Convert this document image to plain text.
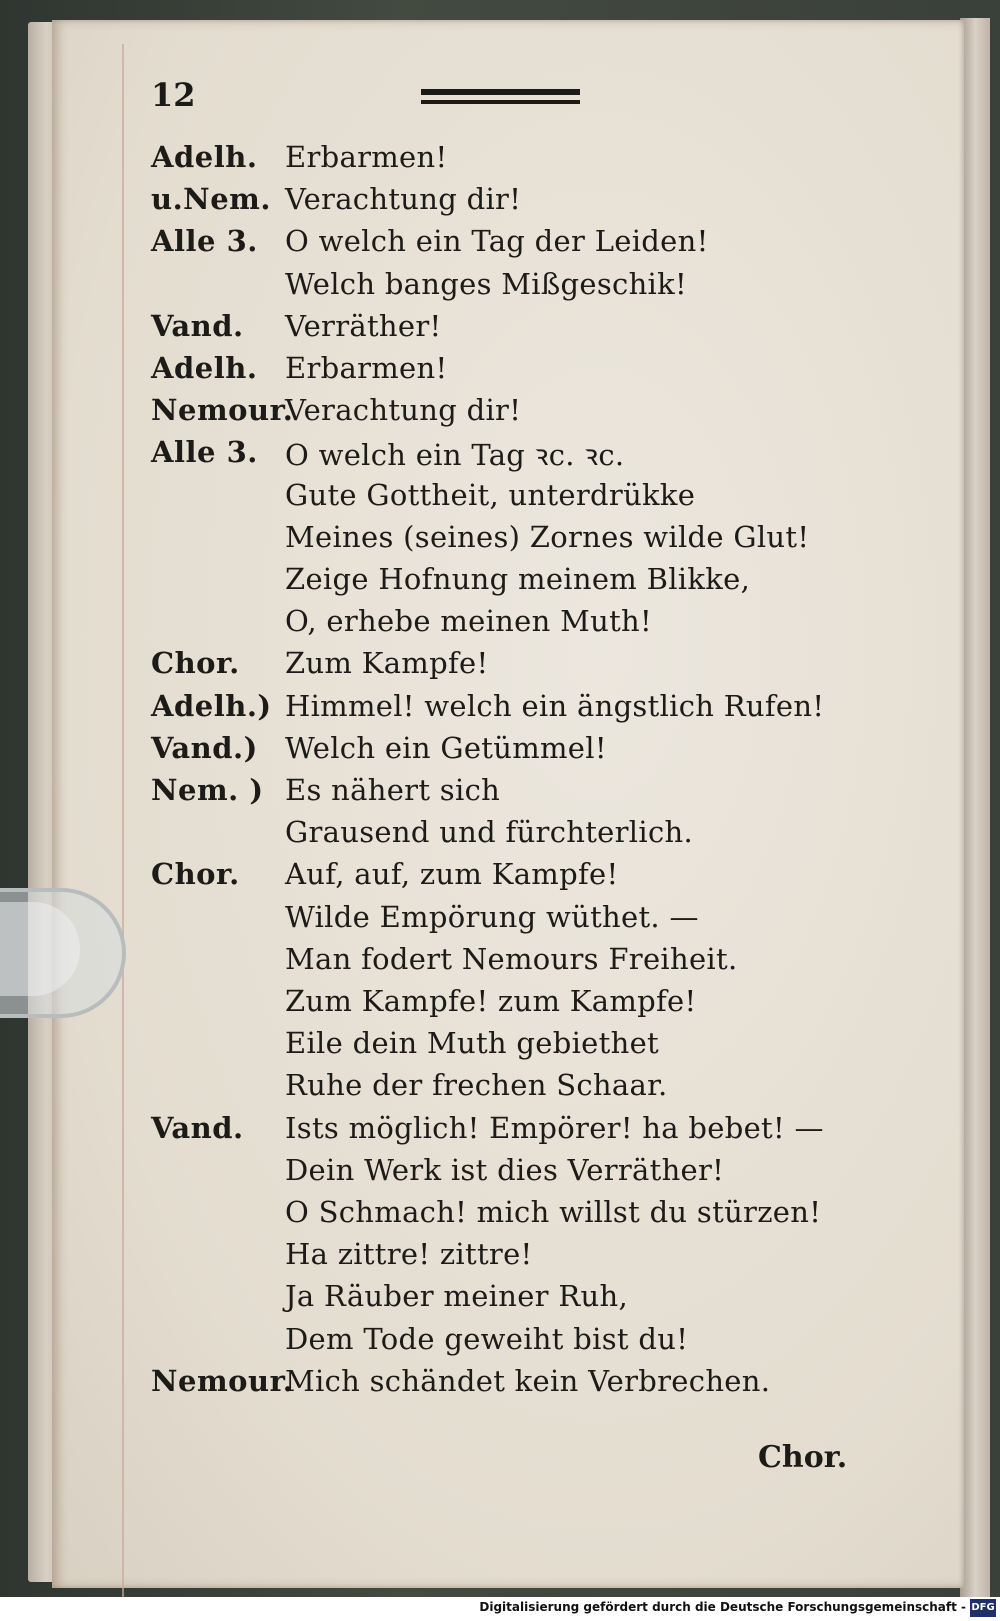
12
Adelh. Erbarmen!
u.Nem. Verachtung dir!
Alle 3. O welch ein Tag der Leiden!
Welch banges Mißgeschik!
Vand. Verräther!
Adelh. Erbarmen!
Nemour.
Verachtung dir!
Alle 3. O welch ein Tag ꝛc. ꝛc.
Gute Gottheit, unterdrükke
Meines (seines) Zornes wilde Glut!
Zeige Hofnung meinem Blikke,
O, erhebe meinen Muth!
Chor. Zum Kampfe!
Adelh.) Himmel! welch ein ängstlich Rufen!
Vand.) Welch ein Getümmel!
Nem. ) Es nähert sich
Grausend und fürchterlich.
Chor. Auf, auf, zum Kampfe!
Wilde Empörung wüthet. —
Man fodert Nemours Freiheit.
Zum Kampfe! zum Kampfe!
Eile dein Muth gebiethet
Ruhe der frechen Schaar.
Vand. Ists möglich! Empörer! ha bebet! —
Dein Werk ist dies Verräther!
O Schmach! mich willst du stürzen!
Ha zittre! zittre!
Ja Räuber meiner Ruh,
Dem Tode geweiht bist du!
Nemour.
Mich schändet kein Verbrechen.
Chor.
Digitalisierung gefördert durch die Deutsche Forschungsgemeinschaft - DFG
